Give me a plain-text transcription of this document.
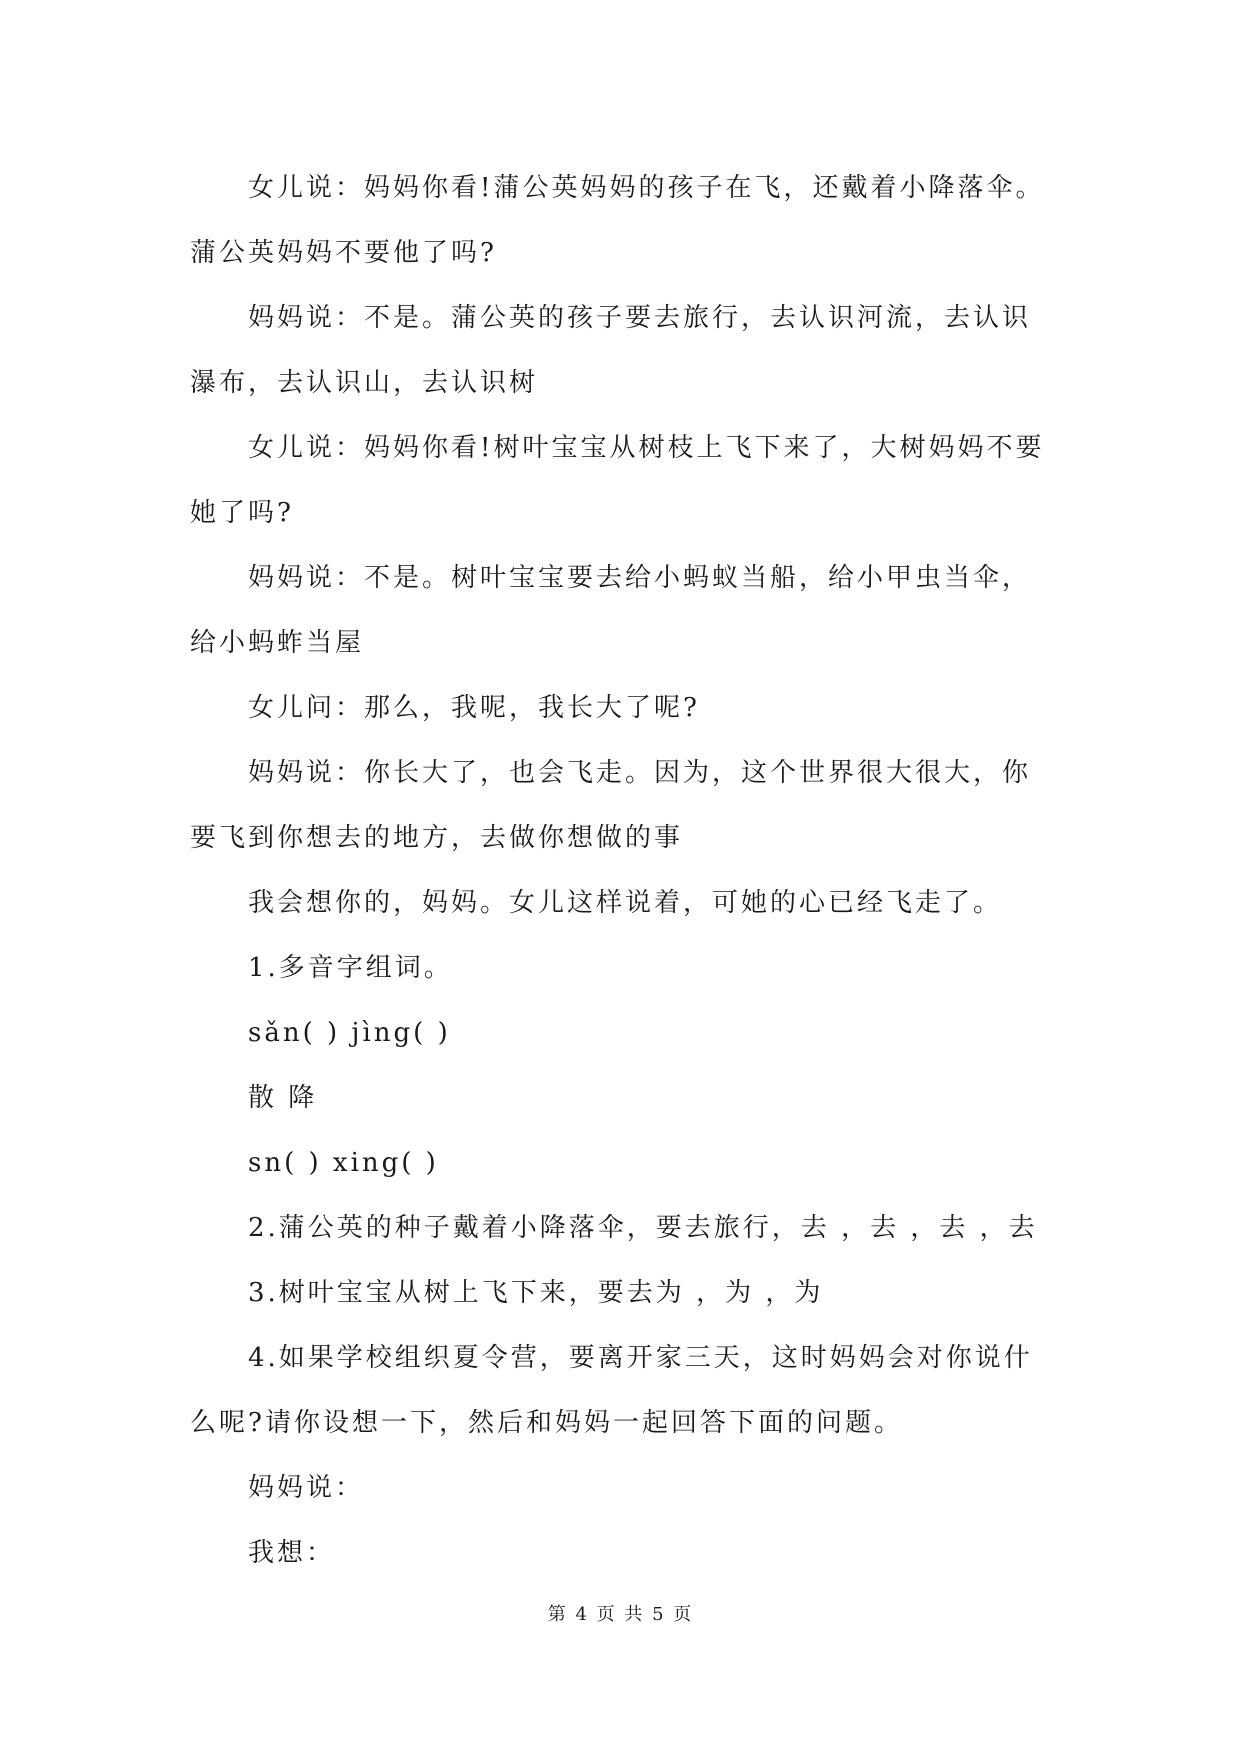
女儿说：妈妈你看!蒲公英妈妈的孩子在飞，还戴着小降落伞。蒲公英妈妈不要他了吗?

妈妈说：不是。蒲公英的孩子要去旅行，去认识河流，去认识瀑布，去认识山，去认识树

女儿说：妈妈你看!树叶宝宝从树枝上飞下来了，大树妈妈不要她了吗?

妈妈说：不是。树叶宝宝要去给小蚂蚁当船，给小甲虫当伞，给小蚂蚱当屋

女儿问：那么，我呢，我长大了呢?

妈妈说：你长大了，也会飞走。因为，这个世界很大很大，你要飞到你想去的地方，去做你想做的事

我会想你的，妈妈。女儿这样说着，可她的心已经飞走了。

1.多音字组词。

sǎn( ) jìng( )

散 降

sn( ) xing( )

2.蒲公英的种子戴着小降落伞，要去旅行，去 ，去 ，去 ，去

3.树叶宝宝从树上飞下来，要去为 ，为 ，为

4.如果学校组织夏令营，要离开家三天，这时妈妈会对你说什么呢?请你设想一下，然后和妈妈一起回答下面的问题。

妈妈说：

我想：

第 4 页 共 5 页
